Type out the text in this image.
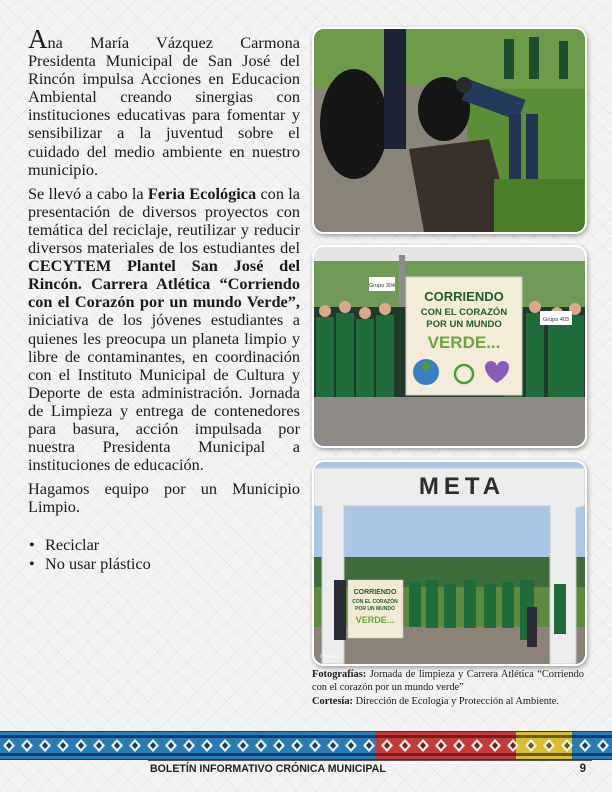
Ana María Vázquez Carmona Presidenta Municipal de San José del Rincón impulsa Acciones en Educacion Ambiental creando sinergias con instituciones educativas para fomentar y sensibilizar a la juventud sobre el cuidado del medio ambiente en nuestro municipio.

Se llevó a cabo la Feria Ecológica con la presentación de diversos proyectos con temática del reciclaje, reutilizar y reducir diversos materiales de los estudiantes del CECYTEM Plantel San José del Rincón. Carrera Atlética “Corriendo con el Corazón por un mundo Verde”, iniciativa de los jóvenes estudiantes a quienes les preocupa un planeta limpio y libre de contaminantes, en coordinación con el Instituto Municipal de Cultura y Deporte de esta administración. Jornada de Limpieza y entrega de contenedores para basura, acción impulsada por nuestra Presidenta Municipal a instituciones de educación.

Hagamos equipo por un Municipio Limpio.

• Reciclar
• No usar plástico
CORRIENDO
CON EL CORAZÓN
POR UN MUNDO
VERDE...
Grupo 304
Grupo 403
META
CORRIENDO
CON EL CORAZÓN
POR UN MUNDO
VERDE...
Oficial
Fotografías: Jornada de limpieza y Carrera Atlética “Corriendo con el corazón por un mundo verde”
Cortesía: Dirección de Ecología y Protección al Ambiente.
BOLETÍN INFORMATIVO CRÓNICA MUNICIPAL	9
